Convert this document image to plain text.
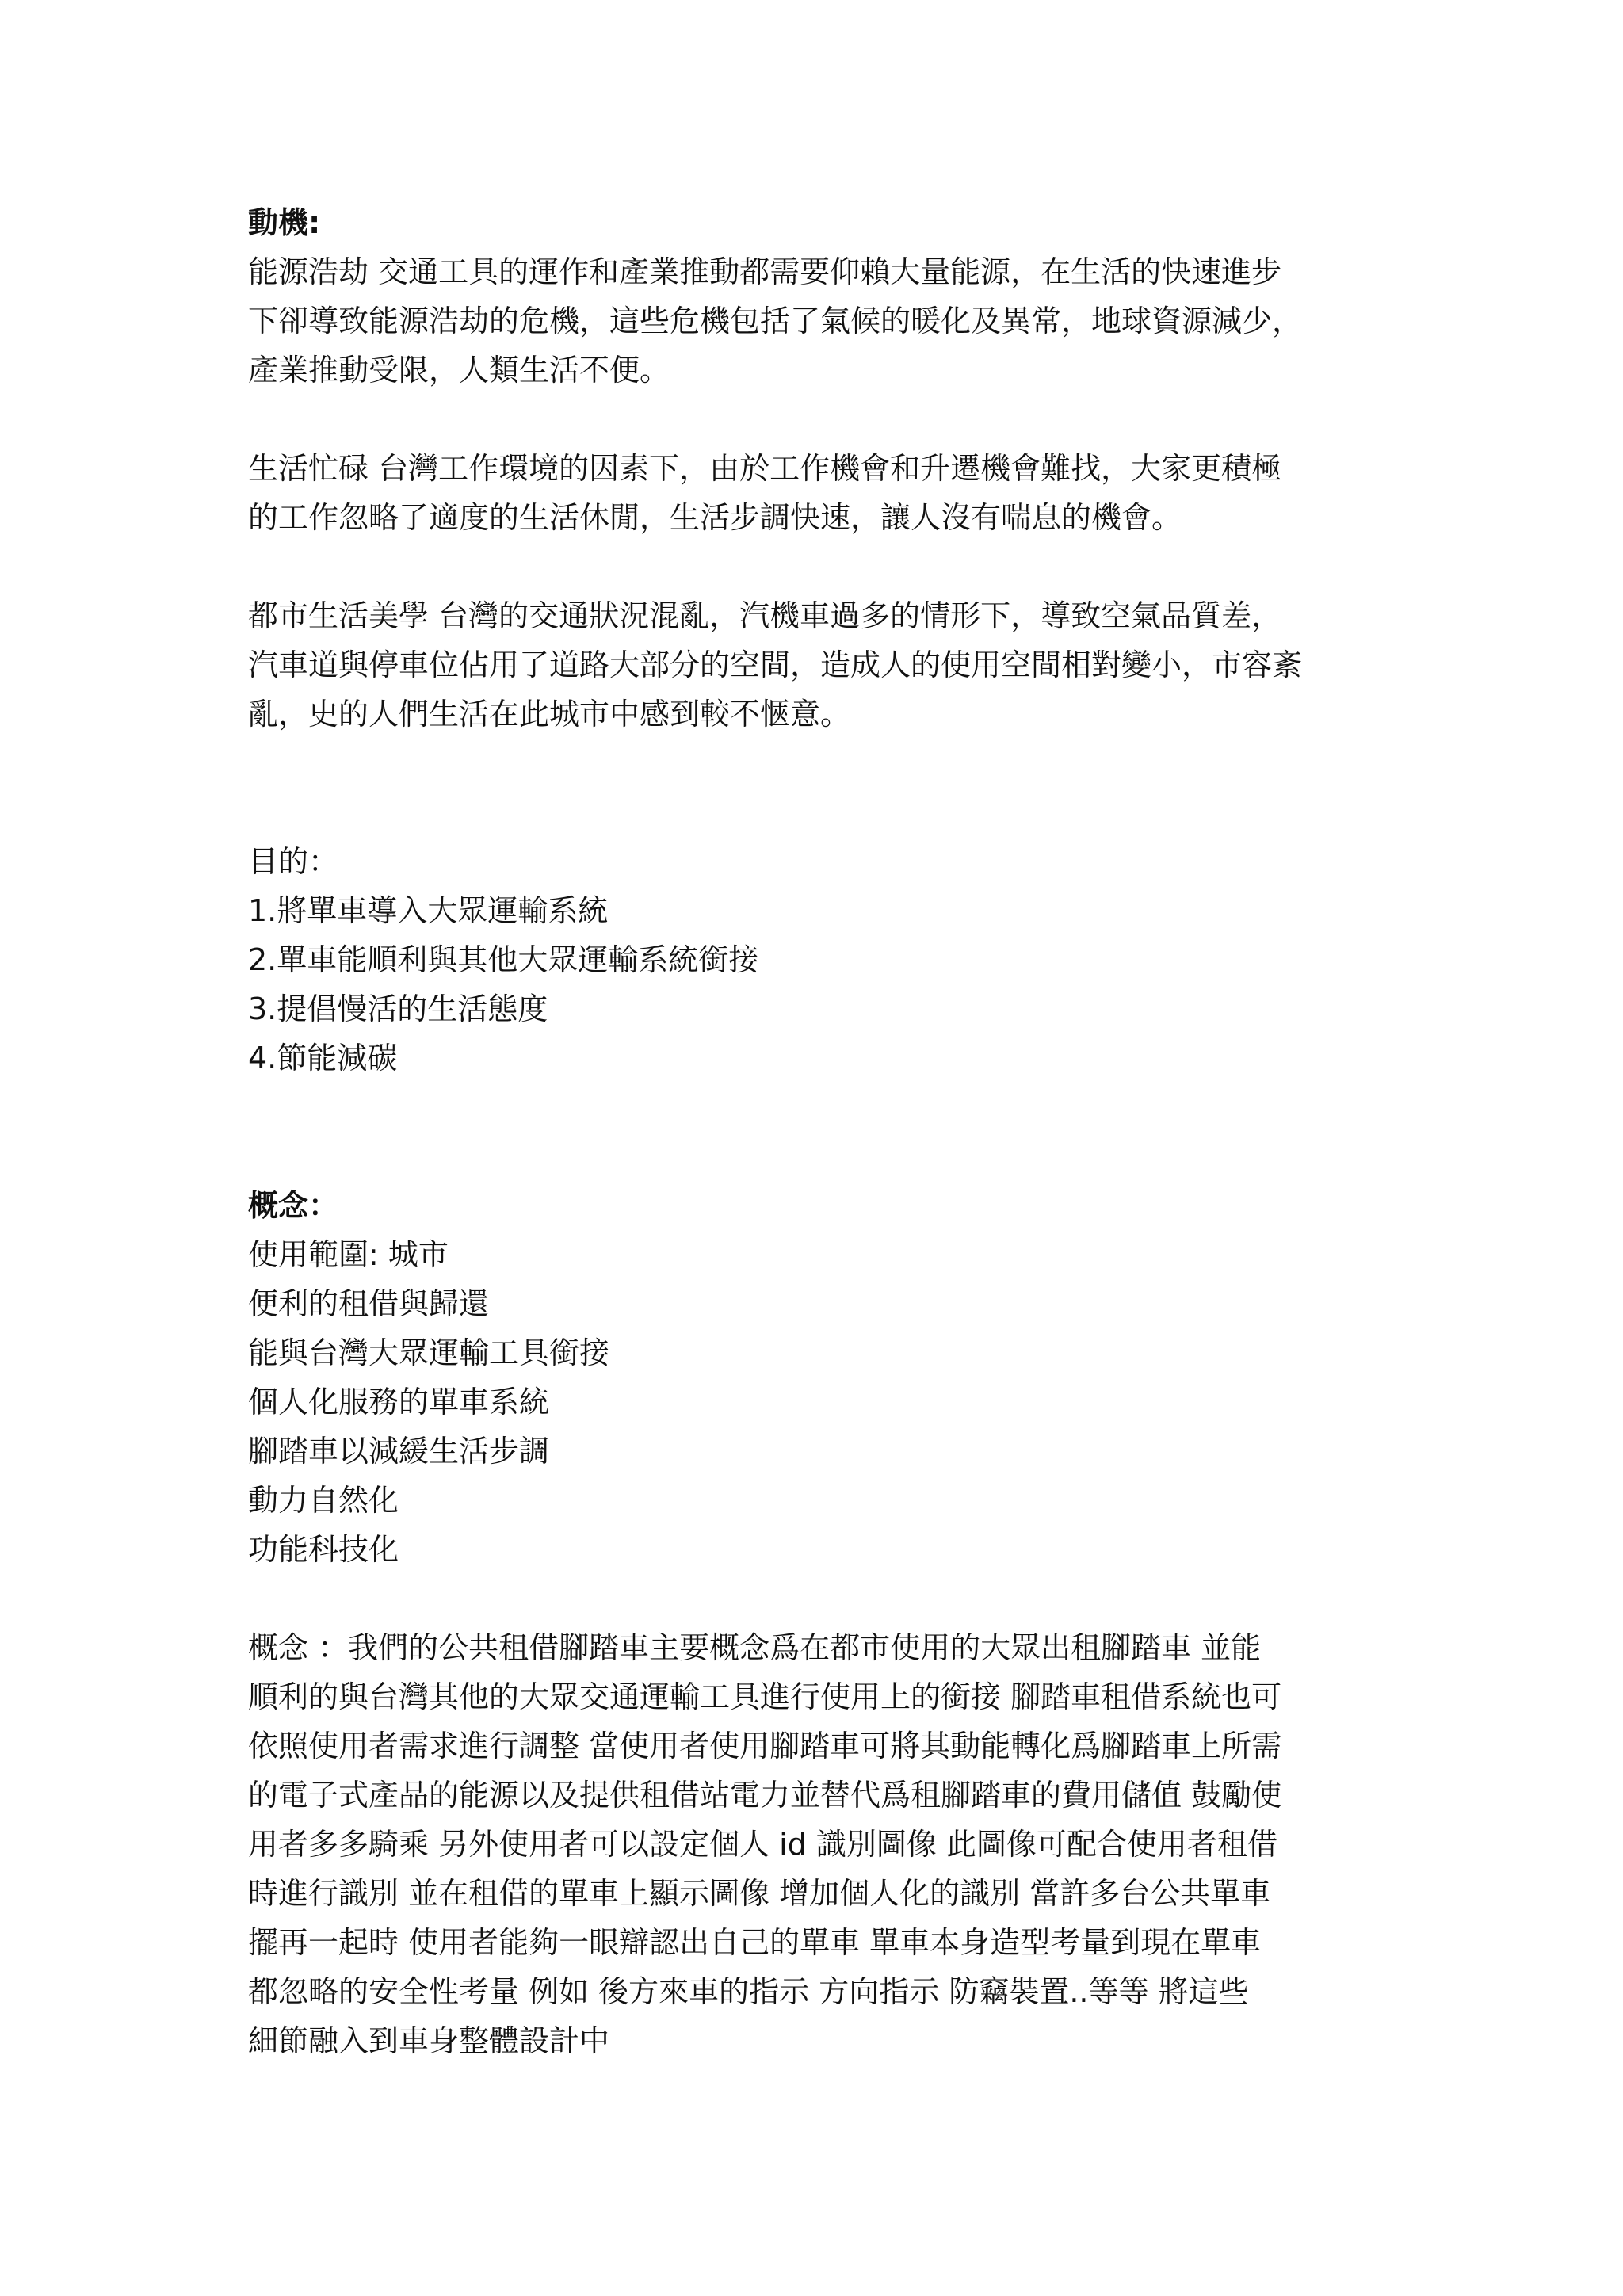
動機:
能源浩劫 交通工具的運作和產業推動都需要仰賴大量能源，在生活的快速進步
下卻導致能源浩劫的危機，這些危機包括了氣候的暖化及異常，地球資源減少，
產業推動受限，人類生活不便。
生活忙碌 台灣工作環境的因素下，由於工作機會和升遷機會難找，大家更積極
的工作忽略了適度的生活休閒，生活步調快速，讓人沒有喘息的機會。
都市生活美學 台灣的交通狀況混亂，汽機車過多的情形下，導致空氣品質差，
汽車道與停車位佔用了道路大部分的空間，造成人的使用空間相對變小，市容紊
亂，史的人們生活在此城市中感到較不愜意。
目的：
1.將單車導入大眾運輸系統
2.單車能順利與其他大眾運輸系統銜接
3.提倡慢活的生活態度
4.節能減碳
概念：
使用範圍: 城市
便利的租借與歸還
能與台灣大眾運輸工具銜接
個人化服務的單車系統
腳踏車以減緩生活步調
動力自然化
功能科技化
概念 ：我們的公共租借腳踏車主要概念爲在都市使用的大眾出租腳踏車 並能
順利的與台灣其他的大眾交通運輸工具進行使用上的銜接 腳踏車租借系統也可
依照使用者需求進行調整 當使用者使用腳踏車可將其動能轉化爲腳踏車上所需
的電子式產品的能源以及提供租借站電力並替代爲租腳踏車的費用儲值 鼓勵使
用者多多騎乘 另外使用者可以設定個人 id 識別圖像 此圖像可配合使用者租借
時進行識別 並在租借的單車上顯示圖像 增加個人化的識別 當許多台公共單車
擺再一起時 使用者能夠一眼辯認出自己的單車 單車本身造型考量到現在單車
都忽略的安全性考量 例如 後方來車的指示 方向指示 防竊裝置..等等 將這些
細節融入到車身整體設計中
